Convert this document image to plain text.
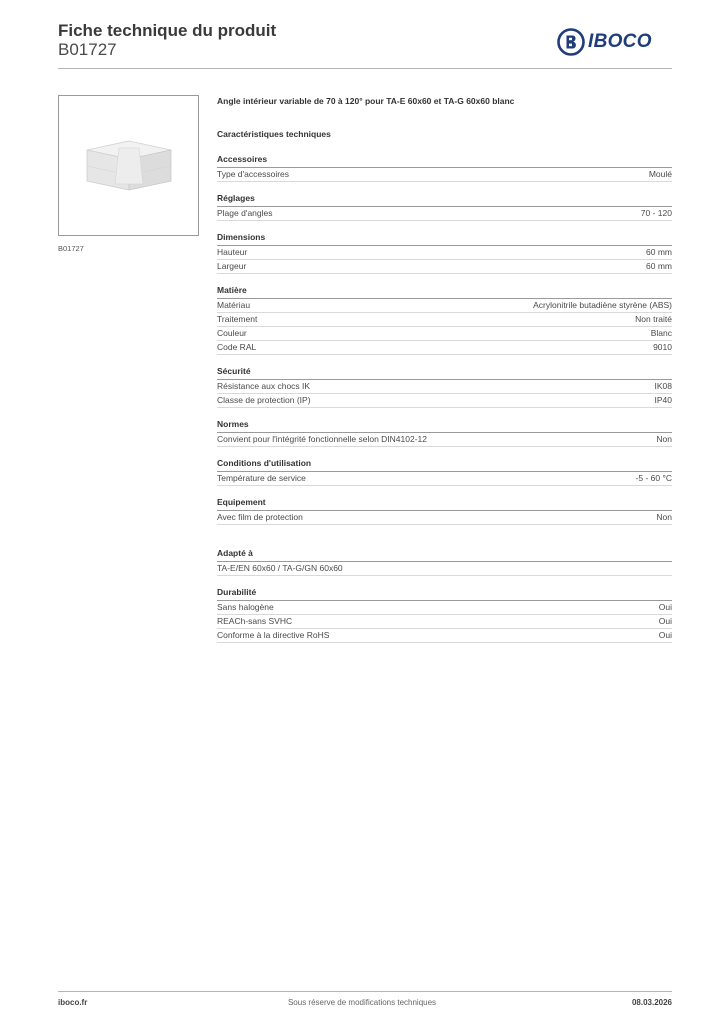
Fiche technique du produit
B01727	IBOCO
B01727
Angle intérieur variable de 70 à 120° pour TA-E 60x60 et TA-G 60x60 blanc
Caractéristiques techniques
Accessoires
Type d'accessoires	Moulé
Réglages
Plage d'angles	70 - 120
Dimensions
Hauteur	60 mm
Largeur	60 mm
Matière
Matériau	Acrylonitrile butadiène styrène (ABS)
Traitement	Non traité
Couleur	Blanc
Code RAL	9010
Sécurité
Résistance aux chocs IK	IK08
Classe de protection (IP)	IP40
Normes
Convient pour l'intégrité fonctionnelle selon DIN4102-12	Non
Conditions d'utilisation
Température de service	-5 - 60 °C
Equipement
Avec film de protection	Non
Adapté à
TA-E/EN 60x60 / TA-G/GN 60x60
Durabilité
Sans halogène	Oui
REACh-sans SVHC	Oui
Conforme à la directive RoHS	Oui
iboco.fr	Sous réserve de modifications techniques	08.03.2026
